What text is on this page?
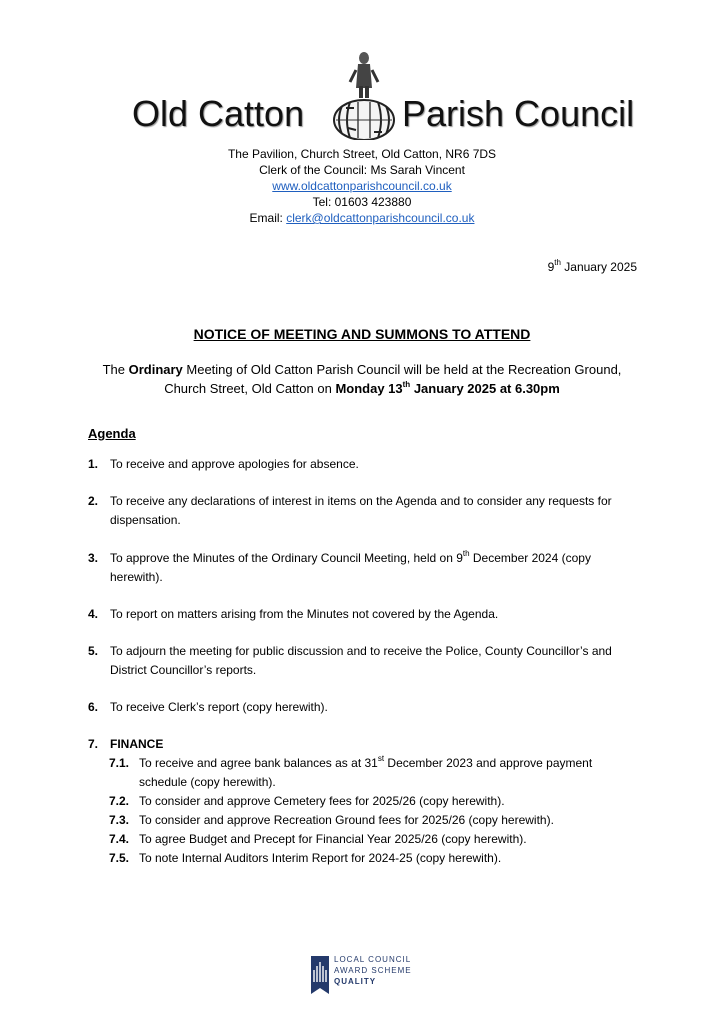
Old Catton	Parish Council
The Pavilion, Church Street, Old Catton, NR6 7DS
Clerk of the Council: Ms Sarah Vincent
www.oldcattonparishcouncil.co.uk
Tel: 01603 423880
Email: clerk@oldcattonparishcouncil.co.uk
9th January 2025
NOTICE OF MEETING AND SUMMONS TO ATTEND
The Ordinary Meeting of Old Catton Parish Council will be held at the Recreation Ground, Church Street, Old Catton on Monday 13th January 2025 at 6.30pm
Agenda
1. To receive and approve apologies for absence.
2. To receive any declarations of interest in items on the Agenda and to consider any requests for dispensation.
3. To approve the Minutes of the Ordinary Council Meeting, held on 9th December 2024 (copy herewith).
4. To report on matters arising from the Minutes not covered by the Agenda.
5. To adjourn the meeting for public discussion and to receive the Police, County Councillor’s and District Councillor’s reports.
6. To receive Clerk’s report (copy herewith).
7. FINANCE
7.1. To receive and agree bank balances as at 31st December 2023 and approve payment schedule (copy herewith).
7.2. To consider and approve Cemetery fees for 2025/26 (copy herewith).
7.3. To consider and approve Recreation Ground fees for 2025/26 (copy herewith).
7.4. To agree Budget and Precept for Financial Year 2025/26 (copy herewith).
7.5. To note Internal Auditors Interim Report for 2024-25 (copy herewith).
LOCAL COUNCIL
AWARD SCHEME
QUALITY
